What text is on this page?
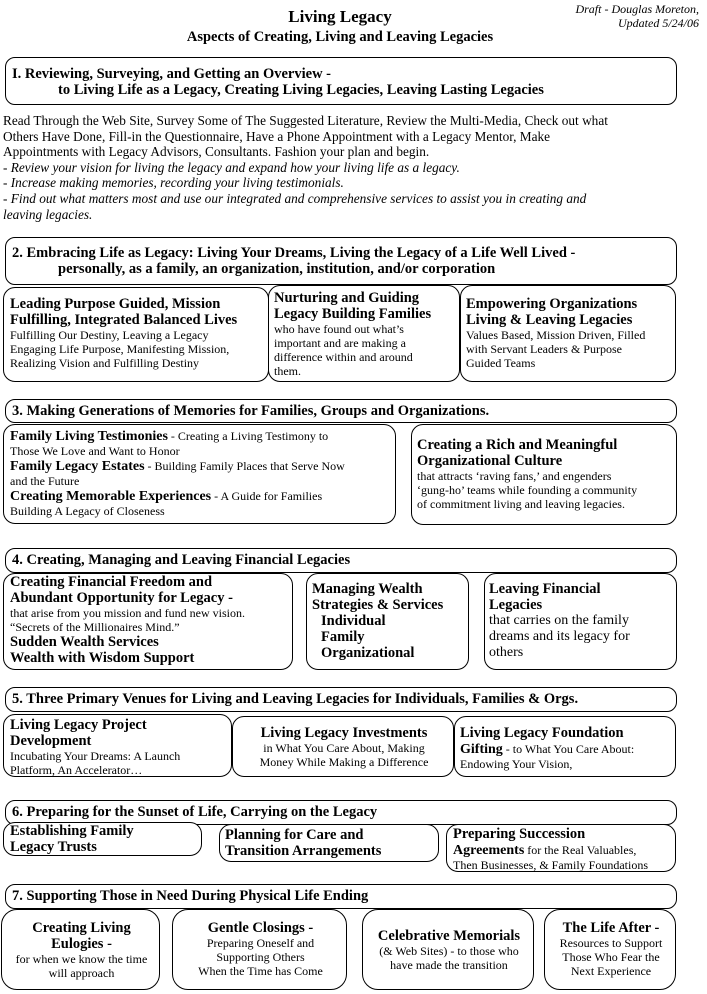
Living Legacy
Aspects of Creating, Living and Leaving Legacies
Draft - Douglas Moreton,
Updated 5/24/06
I. Reviewing, Surveying, and Getting an Overview -
to Living Life as a Legacy, Creating Living Legacies, Leaving Lasting Legacies
Read Through the Web Site, Survey Some of The Suggested Literature, Review the Multi-Media, Check out what
Others Have Done, Fill-in the Questionnaire, Have a Phone Appointment with a Legacy Mentor, Make
Appointments with Legacy Advisors, Consultants. Fashion your plan and begin.
- Review your vision for living the legacy and expand how your living life as a legacy.
- Increase making memories, recording your living testimonials.
- Find out what matters most and use our integrated and comprehensive services to assist you in creating and
leaving legacies.
2. Embracing Life as Legacy: Living Your Dreams, Living the Legacy of a Life Well Lived -
personally, as a family, an organization, institution, and/or corporation
Leading Purpose Guided, Mission
Fulfilling, Integrated Balanced Lives
Fulfilling Our Destiny, Leaving a Legacy
Engaging Life Purpose, Manifesting Mission,
Realizing Vision and Fulfilling Destiny
Nurturing and Guiding
Legacy Building Families
who have found out what’s
important and are making a
difference within and around
them.
Empowering Organizations
Living & Leaving Legacies
Values Based, Mission Driven, Filled
with Servant Leaders & Purpose
Guided Teams
3. Making Generations of Memories for Families, Groups and Organizations.
Family Living Testimonies - Creating a Living Testimony to
Those We Love and Want to Honor
Family Legacy Estates - Building Family Places that Serve Now
and the Future
Creating Memorable Experiences - A Guide for Families
Building A Legacy of Closeness
Creating a Rich and Meaningful
Organizational Culture
that attracts ‘raving fans,’ and engenders
‘gung-ho’ teams while founding a community
of commitment living and leaving legacies.
4. Creating, Managing and Leaving Financial Legacies
Creating Financial Freedom and
Abundant Opportunity for Legacy -
that arise from you mission and fund new vision.
“Secrets of the Millionaires Mind.”
Sudden Wealth Services
Wealth with Wisdom Support
Managing Wealth
Strategies & Services
Individual
Family
Organizational
Leaving Financial
Legacies
that carries on the family
dreams and its legacy for
others
5. Three Primary Venues for Living and Leaving Legacies for Individuals, Families & Orgs.
Living Legacy Project
Development
Incubating Your Dreams: A Launch
Platform, An Accelerator…
Living Legacy Investments
in What You Care About, Making
Money While Making a Difference
Living Legacy Foundation
Gifting - to What You Care About:
Endowing Your Vision,
6. Preparing for the Sunset of Life, Carrying on the Legacy
Establishing Family
Legacy Trusts
Planning for Care and
Transition Arrangements
Preparing Succession
Agreements for the Real Valuables,
Then Businesses, & Family Foundations
7. Supporting Those in Need During Physical Life Ending
Creating Living
Eulogies -
for when we know the time
will approach
Gentle Closings -
Preparing Oneself and
Supporting Others
When the Time has Come
Celebrative Memorials
(& Web Sites) - to those who
have made the transition
The Life After -
Resources to Support
Those Who Fear the
Next Experience
